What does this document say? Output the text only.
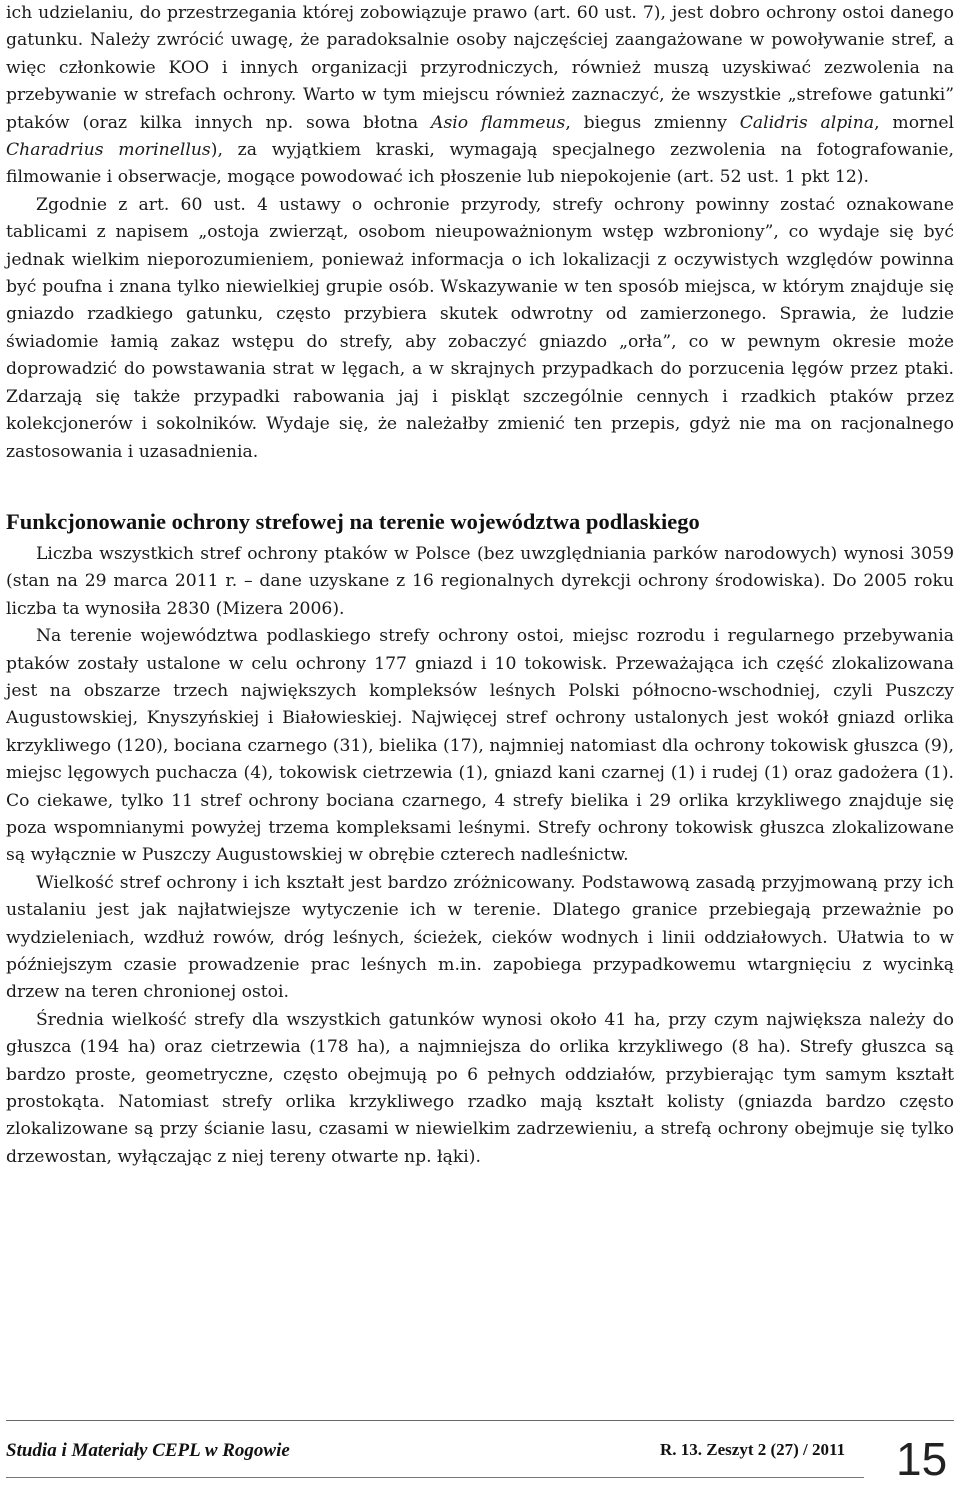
ich udzielaniu, do przestrzegania której zobowiązuje prawo (art. 60 ust. 7), jest dobro ochrony ostoi danego gatunku. Należy zwrócić uwagę, że paradoksalnie osoby najczęściej zaangażowane w powoływanie stref, a więc członkowie KOO i innych organizacji przyrodniczych, również muszą uzyskiwać zezwolenia na przebywanie w strefach ochrony. Warto w tym miejscu również zaznaczyć, że wszystkie „strefowe gatunki” ptaków (oraz kilka innych np. sowa błotna Asio flammeus, biegus zmienny Calidris alpina, mornel Charadrius morinellus), za wyjątkiem kraski, wymagają specjalnego zezwolenia na fotografowanie, filmowanie i obserwacje, mogące powodować ich płoszenie lub niepokojenie (art. 52 ust. 1 pkt 12).

Zgodnie z art. 60 ust. 4 ustawy o ochronie przyrody, strefy ochrony powinny zostać oznakowane tablicami z napisem „ostoja zwierząt, osobom nieupoważnionym wstęp wzbroniony”, co wydaje się być jednak wielkim nieporozumieniem, ponieważ informacja o ich lokalizacji z oczywistych względów powinna być poufna i znana tylko niewielkiej grupie osób. Wskazywanie w ten sposób miejsca, w którym znajduje się gniazdo rzadkiego gatunku, często przybiera skutek odwrotny od zamierzonego. Sprawia, że ludzie świadomie łamią zakaz wstępu do strefy, aby zobaczyć gniazdo „orła”, co w pewnym okresie może doprowadzić do powstawania strat w lęgach, a w skrajnych przypadkach do porzucenia lęgów przez ptaki. Zdarzają się także przypadki rabowania jaj i piskląt szczególnie cennych i rzadkich ptaków przez kolekcjonerów i sokolników. Wydaje się, że należałby zmienić ten przepis, gdyż nie ma on racjonalnego zastosowania i uzasadnienia.

Funkcjonowanie ochrony strefowej na terenie województwa podlaskiego

Liczba wszystkich stref ochrony ptaków w Polsce (bez uwzględniania parków narodowych) wynosi 3059 (stan na 29 marca 2011 r. – dane uzyskane z 16 regionalnych dyrekcji ochrony środowiska). Do 2005 roku liczba ta wynosiła 2830 (Mizera 2006).

Na terenie województwa podlaskiego strefy ochrony ostoi, miejsc rozrodu i regularnego przebywania ptaków zostały ustalone w celu ochrony 177 gniazd i 10 tokowisk. Przeważająca ich część zlokalizowana jest na obszarze trzech największych kompleksów leśnych Polski północno-wschodniej, czyli Puszczy Augustowskiej, Knyszyńskiej i Białowieskiej. Najwięcej stref ochrony ustalonych jest wokół gniazd orlika krzykliwego (120), bociana czarnego (31), bielika (17), najmniej natomiast dla ochrony tokowisk głuszca (9), miejsc lęgowych puchacza (4), tokowisk cietrzewia (1), gniazd kani czarnej (1) i rudej (1) oraz gadożera (1). Co ciekawe, tylko 11 stref ochrony bociana czarnego, 4 strefy bielika i 29 orlika krzykliwego znajduje się poza wspomnianymi powyżej trzema kompleksami leśnymi. Strefy ochrony tokowisk głuszca zlokalizowane są wyłącznie w Puszczy Augustowskiej w obrębie czterech nadleśnictw.

Wielkość stref ochrony i ich kształt jest bardzo zróżnicowany. Podstawową zasadą przyjmowaną przy ich ustalaniu jest jak najłatwiejsze wytyczenie ich w terenie. Dlatego granice przebiegają przeważnie po wydzieleniach, wzdłuż rowów, dróg leśnych, ścieżek, cieków wodnych i linii oddziałowych. Ułatwia to w późniejszym czasie prowadzenie prac leśnych m.in. zapobiega przypadkowemu wtargnięciu z wycinką drzew na teren chronionej ostoi.

Średnia wielkość strefy dla wszystkich gatunków wynosi około 41 ha, przy czym największa należy do głuszca (194 ha) oraz cietrzewia (178 ha), a najmniejsza do orlika krzykliwego (8 ha). Strefy głuszca są bardzo proste, geometryczne, często obejmują po 6 pełnych oddziałów, przybierając tym samym kształt prostokąta. Natomiast strefy orlika krzykliwego rzadko mają kształt kolisty (gniazda bardzo często zlokalizowane są przy ścianie lasu, czasami w niewielkim zadrzewieniu, a strefą ochrony obejmuje się tylko drzewostan, wyłączając z niej tereny otwarte np. łąki).

Studia i Materiały CEPL w Rogowie	R. 13. Zeszyt 2 (27) / 2011 15
